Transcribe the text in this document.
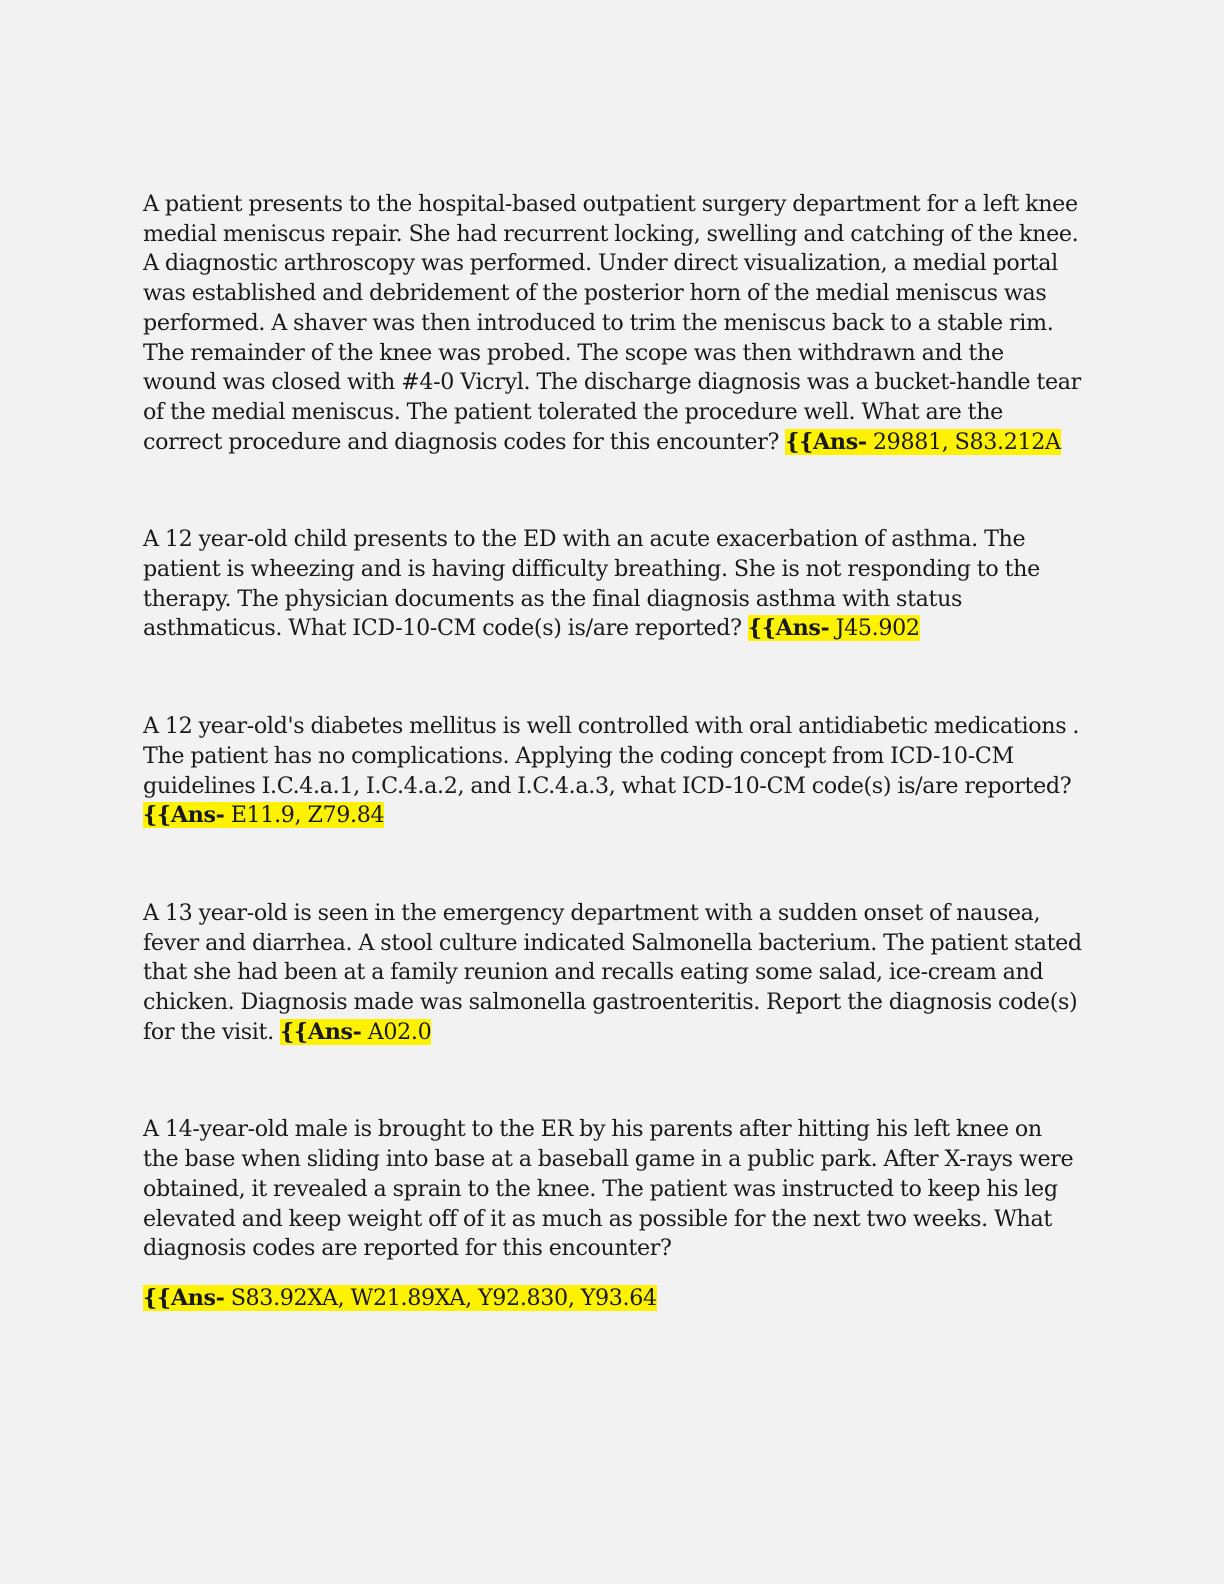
A patient presents to the hospital-based outpatient surgery department for a left knee medial meniscus repair. She had recurrent locking, swelling and catching of the knee. A diagnostic arthroscopy was performed. Under direct visualization, a medial portal was established and debridement of the posterior horn of the medial meniscus was performed. A shaver was then introduced to trim the meniscus back to a stable rim. The remainder of the knee was probed. The scope was then withdrawn and the wound was closed with #4-0 Vicryl. The discharge diagnosis was a bucket-handle tear of the medial meniscus. The patient tolerated the procedure well. What are the correct procedure and diagnosis codes for this encounter? {{Ans- 29881, S83.212A

A 12 year-old child presents to the ED with an acute exacerbation of asthma. The patient is wheezing and is having difficulty breathing. She is not responding to the therapy. The physician documents as the final diagnosis asthma with status asthmaticus. What ICD-10-CM code(s) is/are reported? {{Ans- J45.902

A 12 year-old's diabetes mellitus is well controlled with oral antidiabetic medications . The patient has no complications. Applying the coding concept from ICD-10-CM guidelines I.C.4.a.1, I.C.4.a.2, and I.C.4.a.3, what ICD-10-CM code(s) is/are reported?
{{Ans- E11.9, Z79.84

A 13 year-old is seen in the emergency department with a sudden onset of nausea, fever and diarrhea. A stool culture indicated Salmonella bacterium. The patient stated that she had been at a family reunion and recalls eating some salad, ice-cream and chicken. Diagnosis made was salmonella gastroenteritis. Report the diagnosis code(s) for the visit. {{Ans- A02.0

A 14-year-old male is brought to the ER by his parents after hitting his left knee on the base when sliding into base at a baseball game in a public park. After X-rays were obtained, it revealed a sprain to the knee. The patient was instructed to keep his leg elevated and keep weight off of it as much as possible for the next two weeks. What diagnosis codes are reported for this encounter?

{{Ans- S83.92XA, W21.89XA, Y92.830, Y93.64
